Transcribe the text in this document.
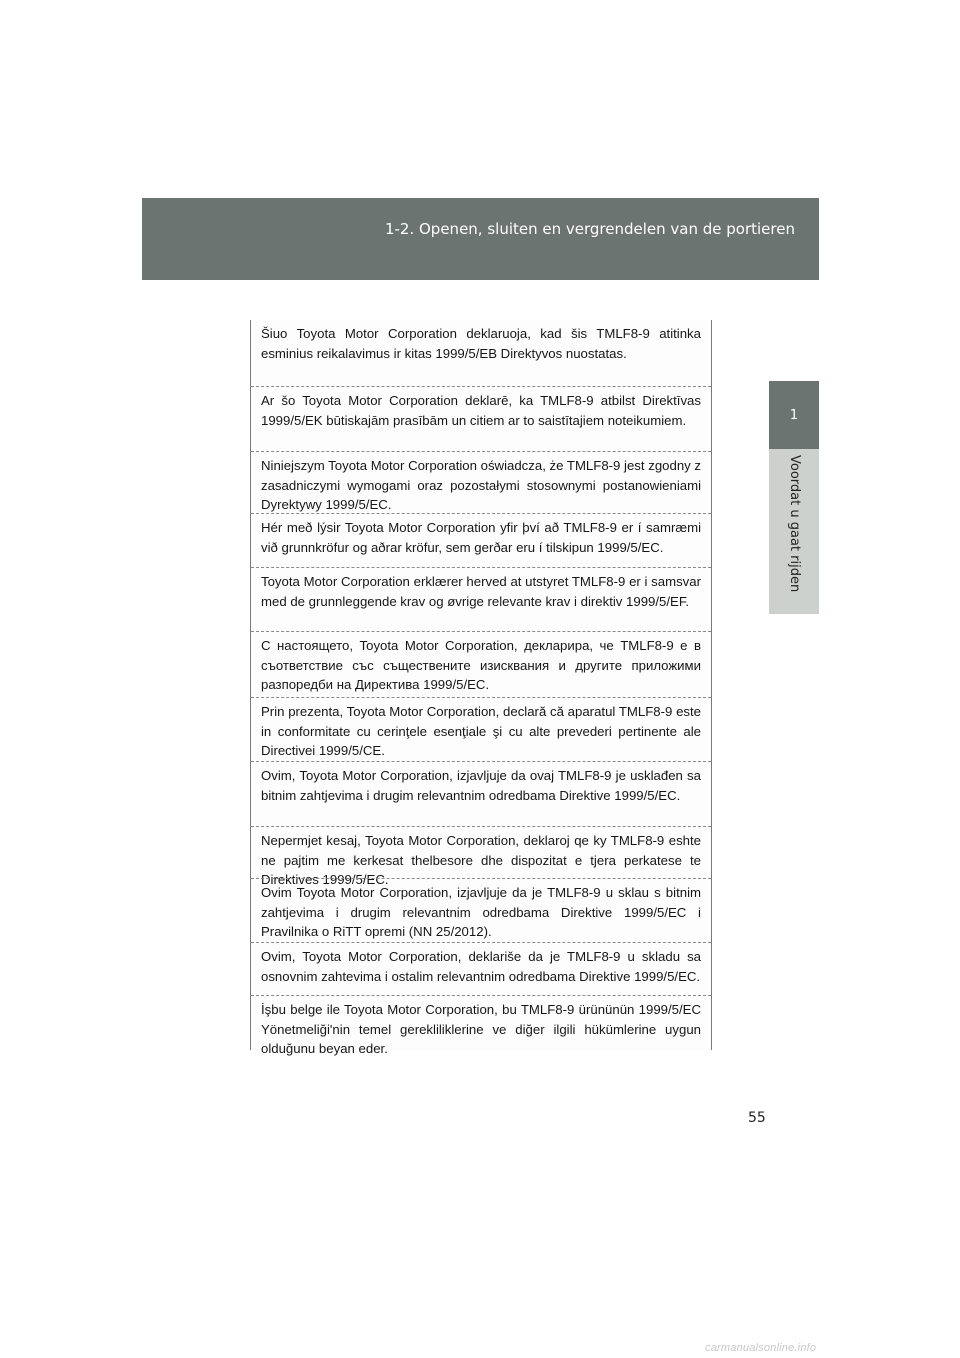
1-2. Openen, sluiten en vergrendelen van de portieren
1
Voordat u gaat rijden
Šiuo Toyota Motor Corporation deklaruoja, kad šis TMLF8-9 atitinka esminius reikalavimus ir kitas 1999/5/EB Direktyvos nuostatas.
Ar šo Toyota Motor Corporation deklarē, ka TMLF8-9 atbilst Direktīvas 1999/5/EK būtiskajām prasībām un citiem ar to saistītajiem noteikumiem.
Niniejszym Toyota Motor Corporation oświadcza, że TMLF8-9 jest zgodny z zasadniczymi wymogami oraz pozostałymi stosownymi postanowieniami Dyrektywy 1999/5/EC.
Hér með lýsir Toyota Motor Corporation yfir því að TMLF8-9 er í samræmi við grunnkröfur og aðrar kröfur, sem gerðar eru í tilskipun 1999/5/EC.
Toyota Motor Corporation erklærer herved at utstyret TMLF8-9 er i samsvar med de grunnleggende krav og øvrige relevante krav i direktiv 1999/5/EF.
С настоящето, Toyota Motor Corporation, декларира, че TMLF8-9 е в съответствие със съществените изисквания и другите приложими разпоредби на Директива 1999/5/ЕС.
Prin prezenta, Toyota Motor Corporation, declară că aparatul TMLF8-9 este in conformitate cu cerinţele esenţiale şi cu alte prevederi pertinente ale Directivei 1999/5/CE.
Ovim, Toyota Motor Corporation, izjavljuje da ovaj TMLF8-9 je usklađen sa bitnim zahtjevima i drugim relevantnim odredbama Direktive 1999/5/EC.
Nepermjet kesaj, Toyota Motor Corporation, deklaroj qe ky TMLF8-9 eshte ne pajtim me kerkesat thelbesore dhe dispozitat e tjera perkatese te Direktives 1999/5/EC.
Ovim Toyota Motor Corporation, izjavljuje da je TMLF8-9 u sklau s bitnim zahtjevima i drugim relevantnim odredbama Direktive 1999/5/EC i Pravilnika o RiTT opremi (NN 25/2012).
Ovim, Toyota Motor Corporation, deklariše da je TMLF8-9 u skladu sa osnovnim zahtevima i ostalim relevantnim odredbama Direktive 1999/5/EC.
İşbu belge ile Toyota Motor Corporation, bu TMLF8-9 ürününün 1999/5/EC Yönetmeliği'nin temel gerekliliklerine ve diğer ilgili hükümlerine uygun olduğunu beyan eder.
55
carmanualsonline.info
